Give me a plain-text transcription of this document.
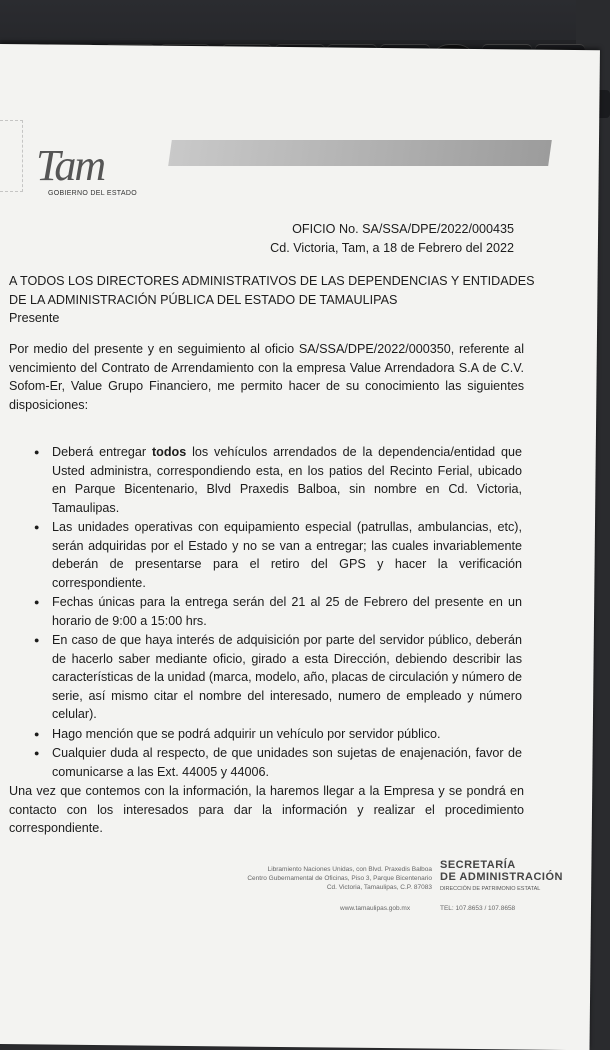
Tam
GOBIERNO DEL ESTADO
OFICIO No. SA/SSA/DPE/2022/000435
Cd. Victoria, Tam, a 18 de Febrero del 2022
A TODOS LOS DIRECTORES ADMINISTRATIVOS DE LAS DEPENDENCIAS Y ENTIDADES
DE LA ADMINISTRACIÓN PÚBLICA DEL ESTADO DE TAMAULIPAS
Presente
Por medio del presente y en seguimiento al oficio SA/SSA/DPE/2022/000350, referente al vencimiento del Contrato de Arrendamiento con la empresa Value Arrendadora S.A de C.V. Sofom-Er, Value Grupo Financiero, me permito hacer de su conocimiento las siguientes disposiciones:
● Deberá entregar todos los vehículos arrendados de la dependencia/entidad que Usted administra, correspondiendo esta, en los patios del Recinto Ferial, ubicado en Parque Bicentenario, Blvd Praxedis Balboa, sin nombre en Cd. Victoria, Tamaulipas.
● Las unidades operativas con equipamiento especial (patrullas, ambulancias, etc), serán adquiridas por el Estado y no se van a entregar; las cuales invariablemente deberán de presentarse para el retiro del GPS y hacer la verificación correspondiente.
● Fechas únicas para la entrega serán del 21 al 25 de Febrero del presente en un horario de 9:00 a 15:00 hrs.
● En caso de que haya interés de adquisición por parte del servidor público, deberán de hacerlo saber mediante oficio, girado a esta Dirección, debiendo describir las características de la unidad (marca, modelo, año, placas de circulación y número de serie, así mismo citar el nombre del interesado, numero de empleado y número celular).
● Hago mención que se podrá adquirir un vehículo por servidor público.
● Cualquier duda al respecto, de que unidades son sujetas de enajenación, favor de comunicarse a las Ext. 44005 y 44006.
Una vez que contemos con la información, la haremos llegar a la Empresa y se pondrá en contacto con los interesados para dar la información y realizar el procedimiento correspondiente.
Libramiento Naciones Unidas, con Blvd. Praxedis Balboa
Centro Gubernamental de Oficinas, Piso 3, Parque Bicentenario
Cd. Victoria, Tamaulipas, C.P. 87083
www.tamaulipas.gob.mx
SECRETARÍA
DE ADMINISTRACIÓN
DIRECCIÓN DE PATRIMONIO ESTATAL
TEL: 107.8653 / 107.8658
